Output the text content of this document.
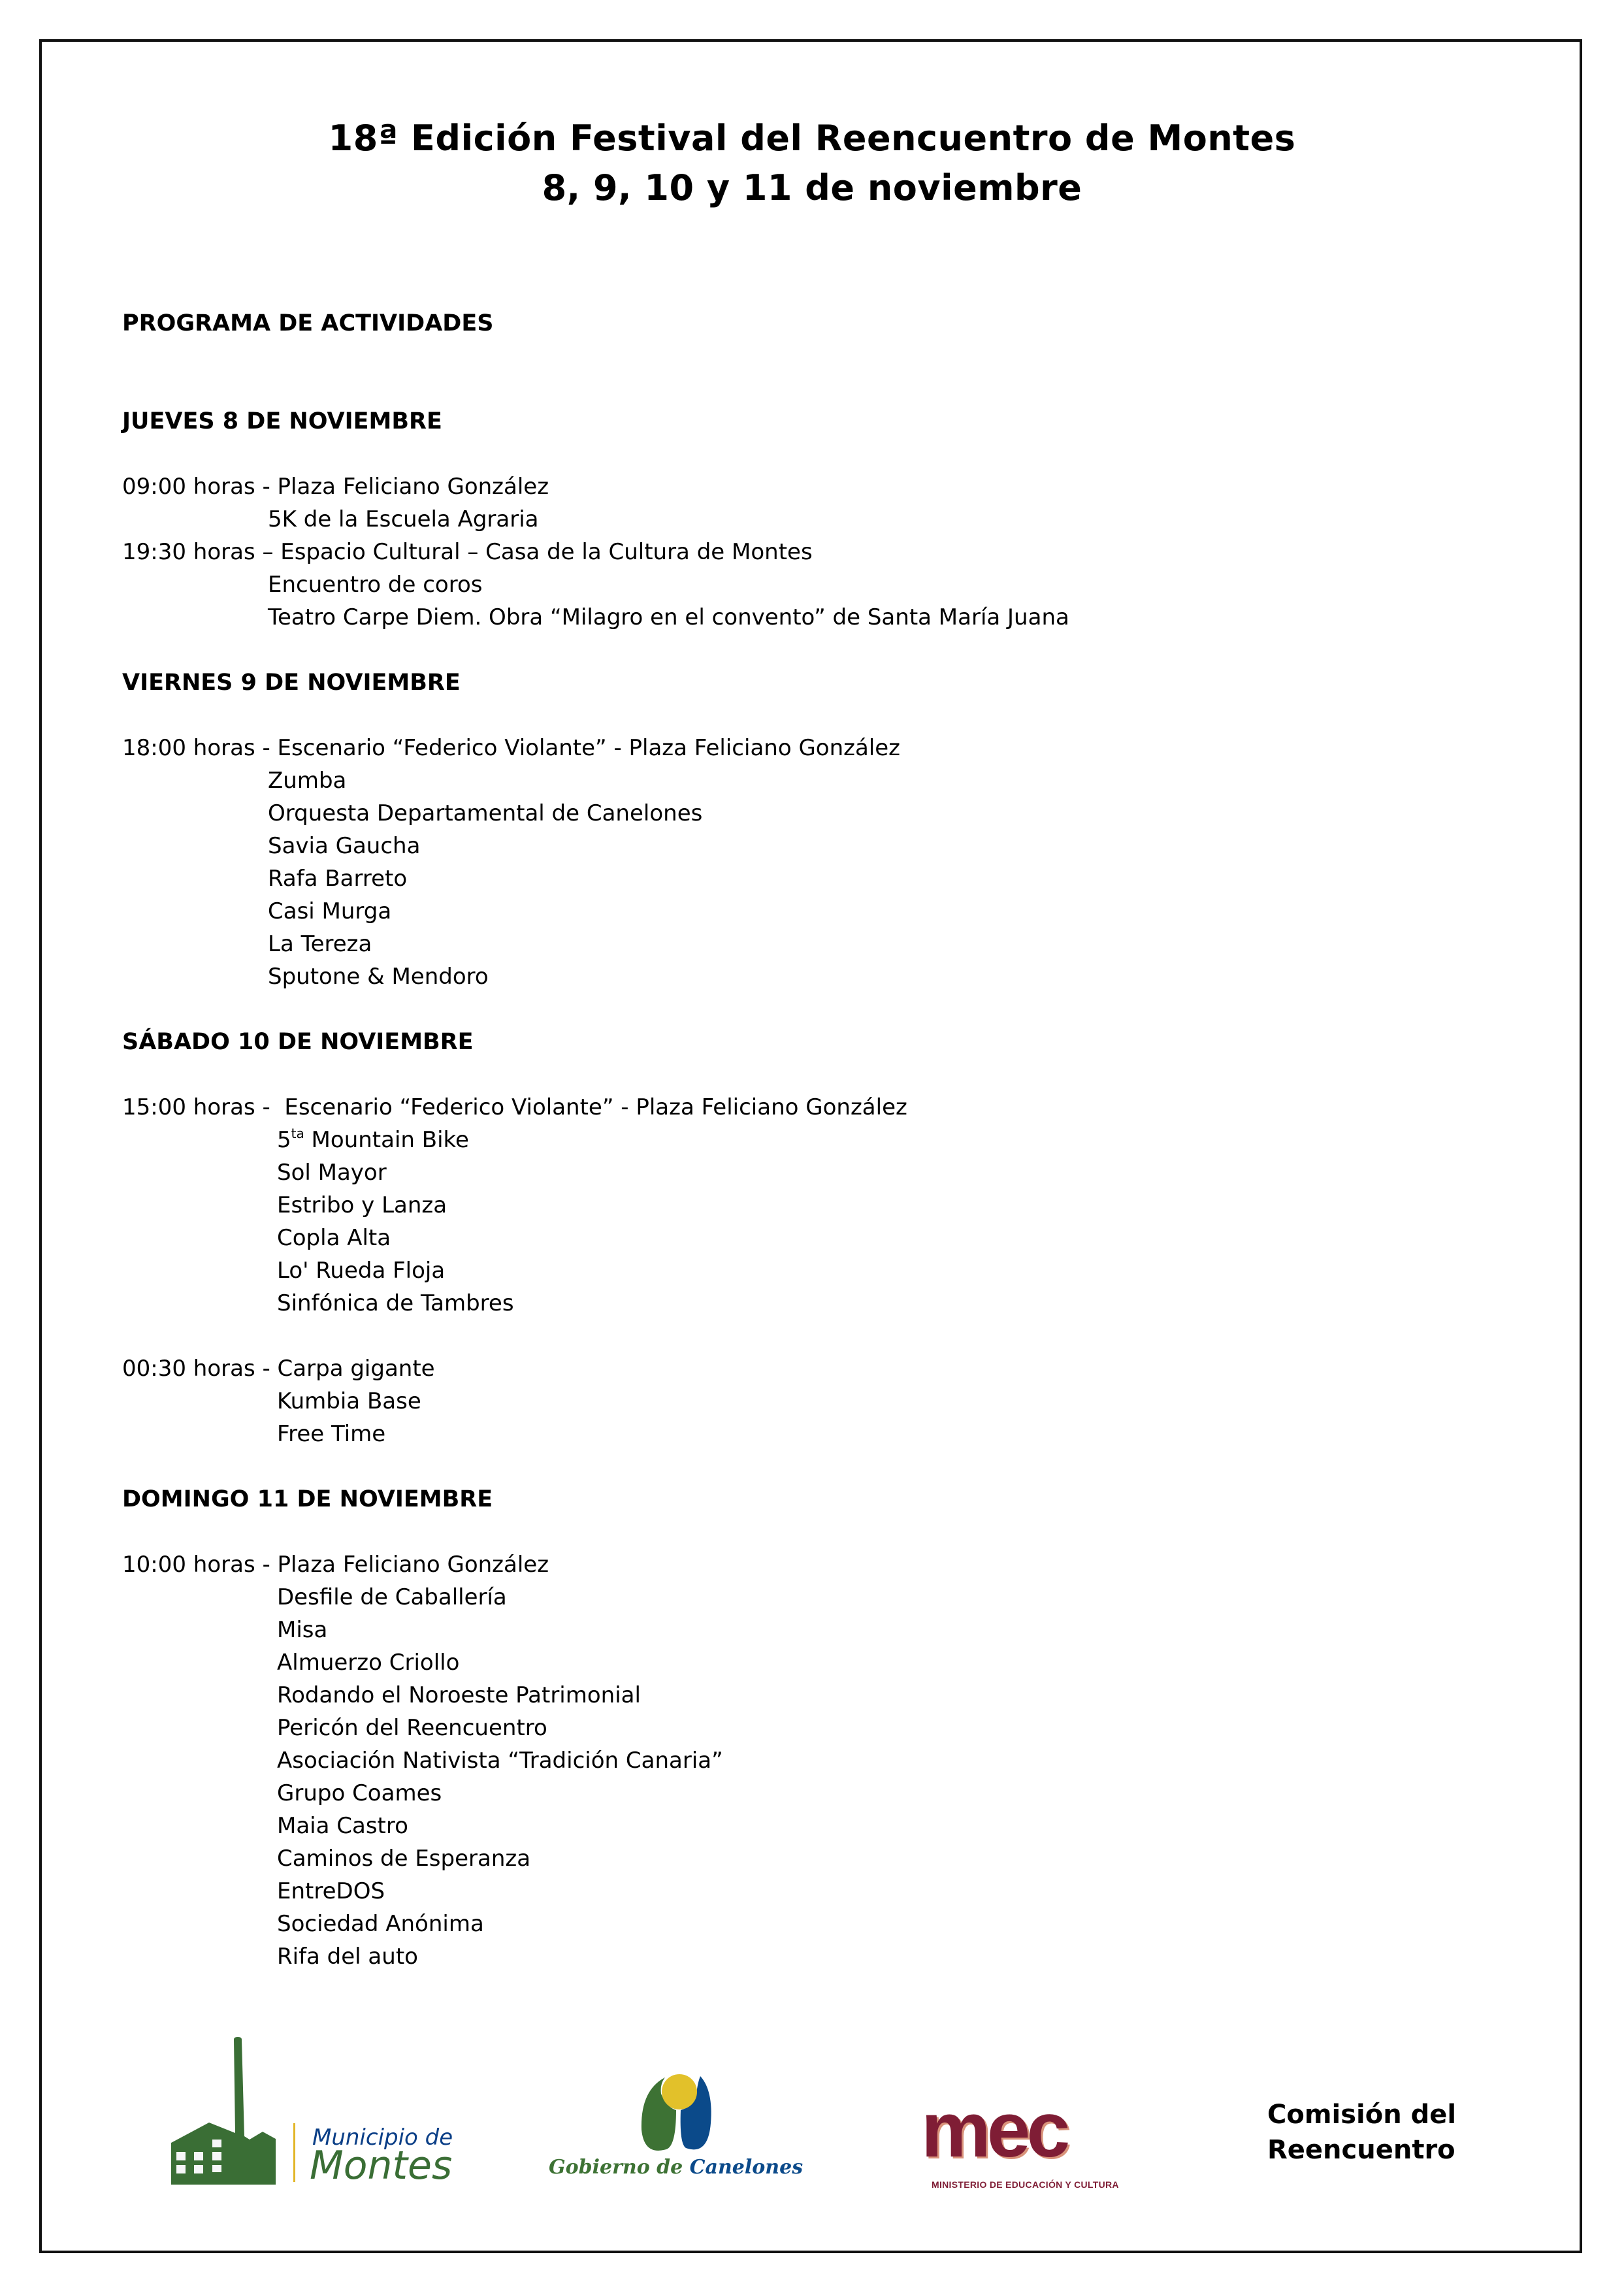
18ª Edición Festival del Reencuentro de Montes
8, 9, 10 y 11 de noviembre
PROGRAMA DE ACTIVIDADES
JUEVES 8 DE NOVIEMBRE
09:00 horas - Plaza Feliciano González
5K de la Escuela Agraria
19:30 horas – Espacio Cultural – Casa de la Cultura de Montes
Encuentro de coros
Teatro Carpe Diem. Obra “Milagro en el convento” de Santa María Juana
VIERNES 9 DE NOVIEMBRE
18:00 horas - Escenario “Federico Violante” - Plaza Feliciano González
Zumba
Orquesta Departamental de Canelones
Savia Gaucha
Rafa Barreto
Casi Murga
La Tereza
Sputone & Mendoro
SÁBADO 10 DE NOVIEMBRE
15:00 horas -  Escenario “Federico Violante” - Plaza Feliciano González
$5^{ta}$ Mountain Bike
Sol Mayor
Estribo y Lanza
Copla Alta
Lo' Rueda Floja
Sinfónica de Tambres
00:30 horas - Carpa gigante
Kumbia Base
Free Time
DOMINGO 11 DE NOVIEMBRE
10:00 horas - Plaza Feliciano González
Desfile de Caballería
Misa
Almuerzo Criollo
Rodando el Noroeste Patrimonial
Pericón del Reencuentro
Asociación Nativista “Tradición Canaria”
Grupo Coames
Maia Castro
Caminos de Esperanza
EntreDOS
Sociedad Anónima
Rifa del auto
Municipio de
Montes	Gobierno de Canelones mec
MINISTERIO DE EDUCACIÓN Y CULTURA
Comisión del
Reencuentro
